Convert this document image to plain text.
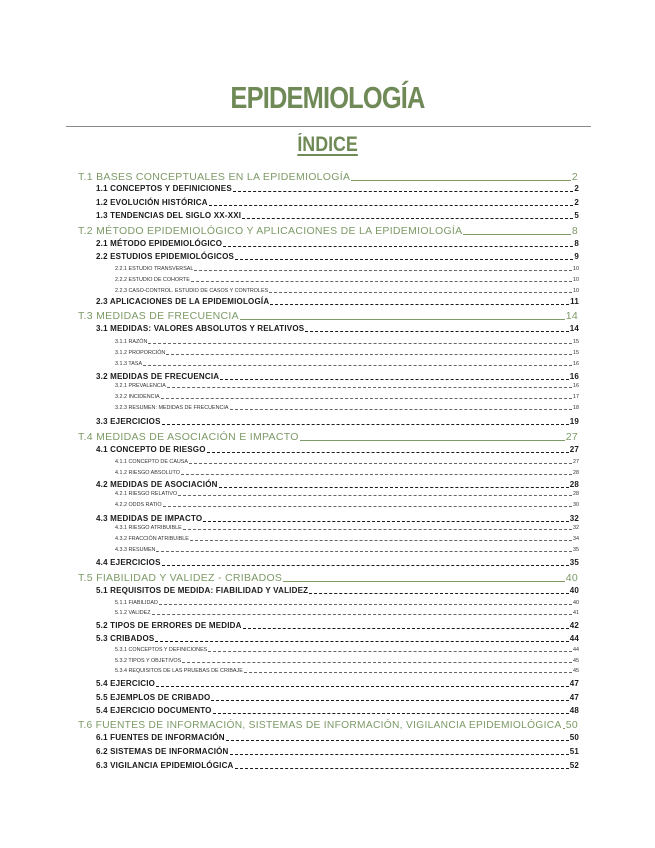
EPIDEMIOLOGÍA
ÍNDICE
T.1 BASES CONCEPTUALES EN LA EPIDEMIOLOGÍA	2
1.1 CONCEPTOS Y DEFINICIONES	2
1.2 EVOLUCIÓN HISTÓRICA	2
1.3 TENDENCIAS DEL SIGLO XX-XXI	5
T.2 MÉTODO EPIDEMIOLÓGICO Y APLICACIONES DE LA EPIDEMIOLOGÍA	8
2.1 MÉTODO EPIDEMIOLÓGICO	8
2.2 ESTUDIOS EPIDEMIOLÓGICOS	9
2.2.1 ESTUDIO TRANSVERSAL	10
2.2.2 ESTUDIO DE COHORTE	10
2.2.3 CASO-CONTROL. ESTUDIO DE CASOS Y CONTROLES	10
2.3 APLICACIONES DE LA EPIDEMIOLOGÍA	11
T.3 MEDIDAS DE FRECUENCIA	14
3.1 MEDIDAS: VALORES ABSOLUTOS Y RELATIVOS	14
3.1.1 RAZÓN	15
3.1.2 PROPORCIÓN	15
3.1.3 TASA	16
3.2 MEDIDAS DE FRECUENCIA	16
3.2.1 PREVALENCIA	16
3.2.2 INCIDENCIA	17
3.2.3 RESUMEN: MEDIDAS DE FRECUENCIA	18
3.3 EJERCICIOS	19
T.4 MEDIDAS DE ASOCIACIÓN E IMPACTO	27
4.1 CONCEPTO DE RIESGO	27
4.1.1 CONCEPTO DE CAUSA	27
4.1.2 RIESGO ABSOLUTO	28
4.2 MEDIDAS DE ASOCIACIÓN	28
4.2.1 RIESGO RELATIVO	28
4.2.2 ODDS RATIO	30
4.3 MEDIDAS DE IMPACTO	32
4.3.1 RIESGO ATRIBUIBLE	32
4.3.2 FRACCIÓN ATRIBUIBLE	34
4.3.3 RESUMEN	35
4.4 EJERCICIOS	35
T.5 FIABILIDAD Y VALIDEZ - CRIBADOS	40
5.1 REQUISITOS DE MEDIDA: FIABILIDAD Y VALIDEZ	40
5.1.1 FIABILIDAD	40
5.1.2 VALIDEZ	41
5.2 TIPOS DE ERRORES DE MEDIDA	42
5.3 CRIBADOS	44
5.3.1 CONCEPTOS Y DEFINICIONES	44
5.3.2 TIPOS Y OBJETIVOS	45
5.3.4 REQUISITOS DE LAS PRUEBAS DE CRIBAJE	45
5.4 EJERCICIO	47
5.5 EJEMPLOS DE CRIBADO	47
5.4 EJERCICIO DOCUMENTO	48
T.6 FUENTES DE INFORMACIÓN, SISTEMAS DE INFORMACIÓN, VIGILANCIA EPIDEMIOLÓGICA 50
6.1 FUENTES DE INFORMACIÓN	50
6.2 SISTEMAS DE INFORMACIÓN	51
6.3 VIGILANCIA EPIDEMIOLÓGICA	52
